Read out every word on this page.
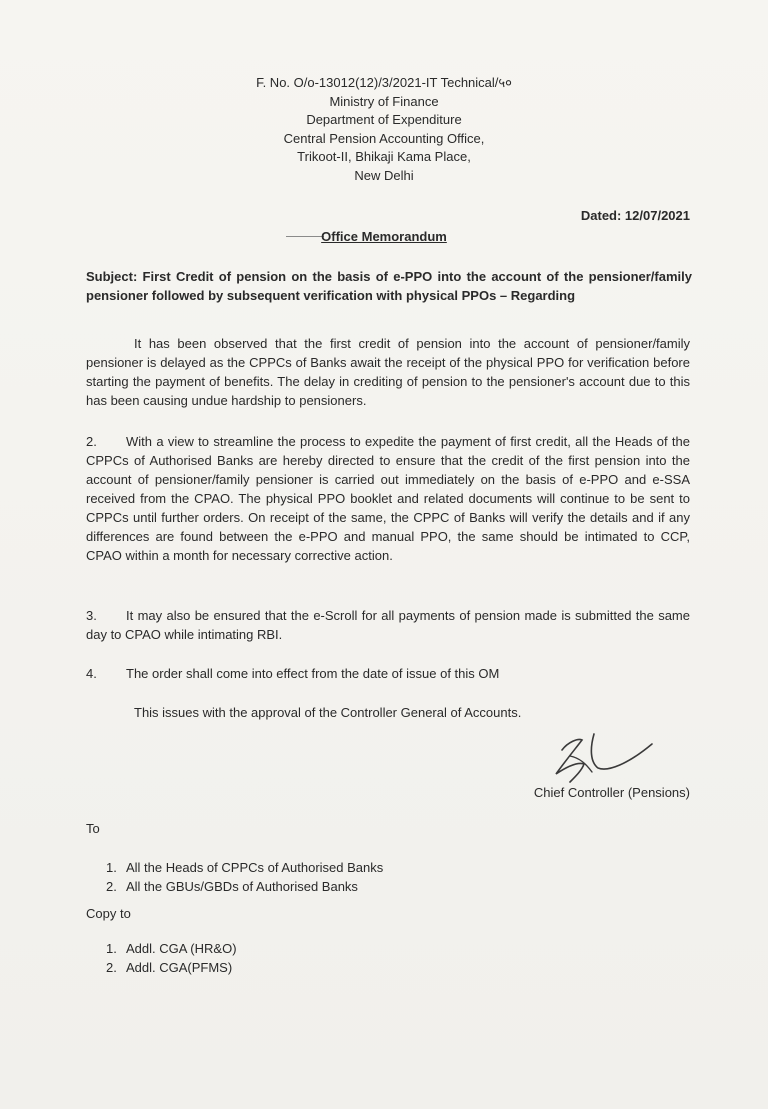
F. No. O/o-13012(12)/3/2021-IT Technical/५०
Ministry of Finance
Department of Expenditure
Central Pension Accounting Office,
Trikoot-II, Bhikaji Kama Place,
New Delhi
Dated: 12/07/2021
Office Memorandum
Subject: First Credit of pension on the basis of e-PPO into the account of the pensioner/family pensioner followed by subsequent verification with physical PPOs – Regarding
It has been observed that the first credit of pension into the account of pensioner/family pensioner is delayed as the CPPCs of Banks await the receipt of the physical PPO for verification before starting the payment of benefits. The delay in crediting of pension to the pensioner's account due to this has been causing undue hardship to pensioners.
2. With a view to streamline the process to expedite the payment of first credit, all the Heads of the CPPCs of Authorised Banks are hereby directed to ensure that the credit of the first pension into the account of pensioner/family pensioner is carried out immediately on the basis of e-PPO and e-SSA received from the CPAO. The physical PPO booklet and related documents will continue to be sent to CPPCs until further orders. On receipt of the same, the CPPC of Banks will verify the details and if any differences are found between the e-PPO and manual PPO, the same should be intimated to CCP, CPAO within a month for necessary corrective action.
3. It may also be ensured that the e-Scroll for all payments of pension made is submitted the same day to CPAO while intimating RBI.
4. The order shall come into effect from the date of issue of this OM
This issues with the approval of the Controller General of Accounts.
Chief Controller (Pensions)
To
1. All the Heads of CPPCs of Authorised Banks
2. All the GBUs/GBDs of Authorised Banks
Copy to
1. Addl. CGA (HR&O)
2. Addl. CGA(PFMS)
